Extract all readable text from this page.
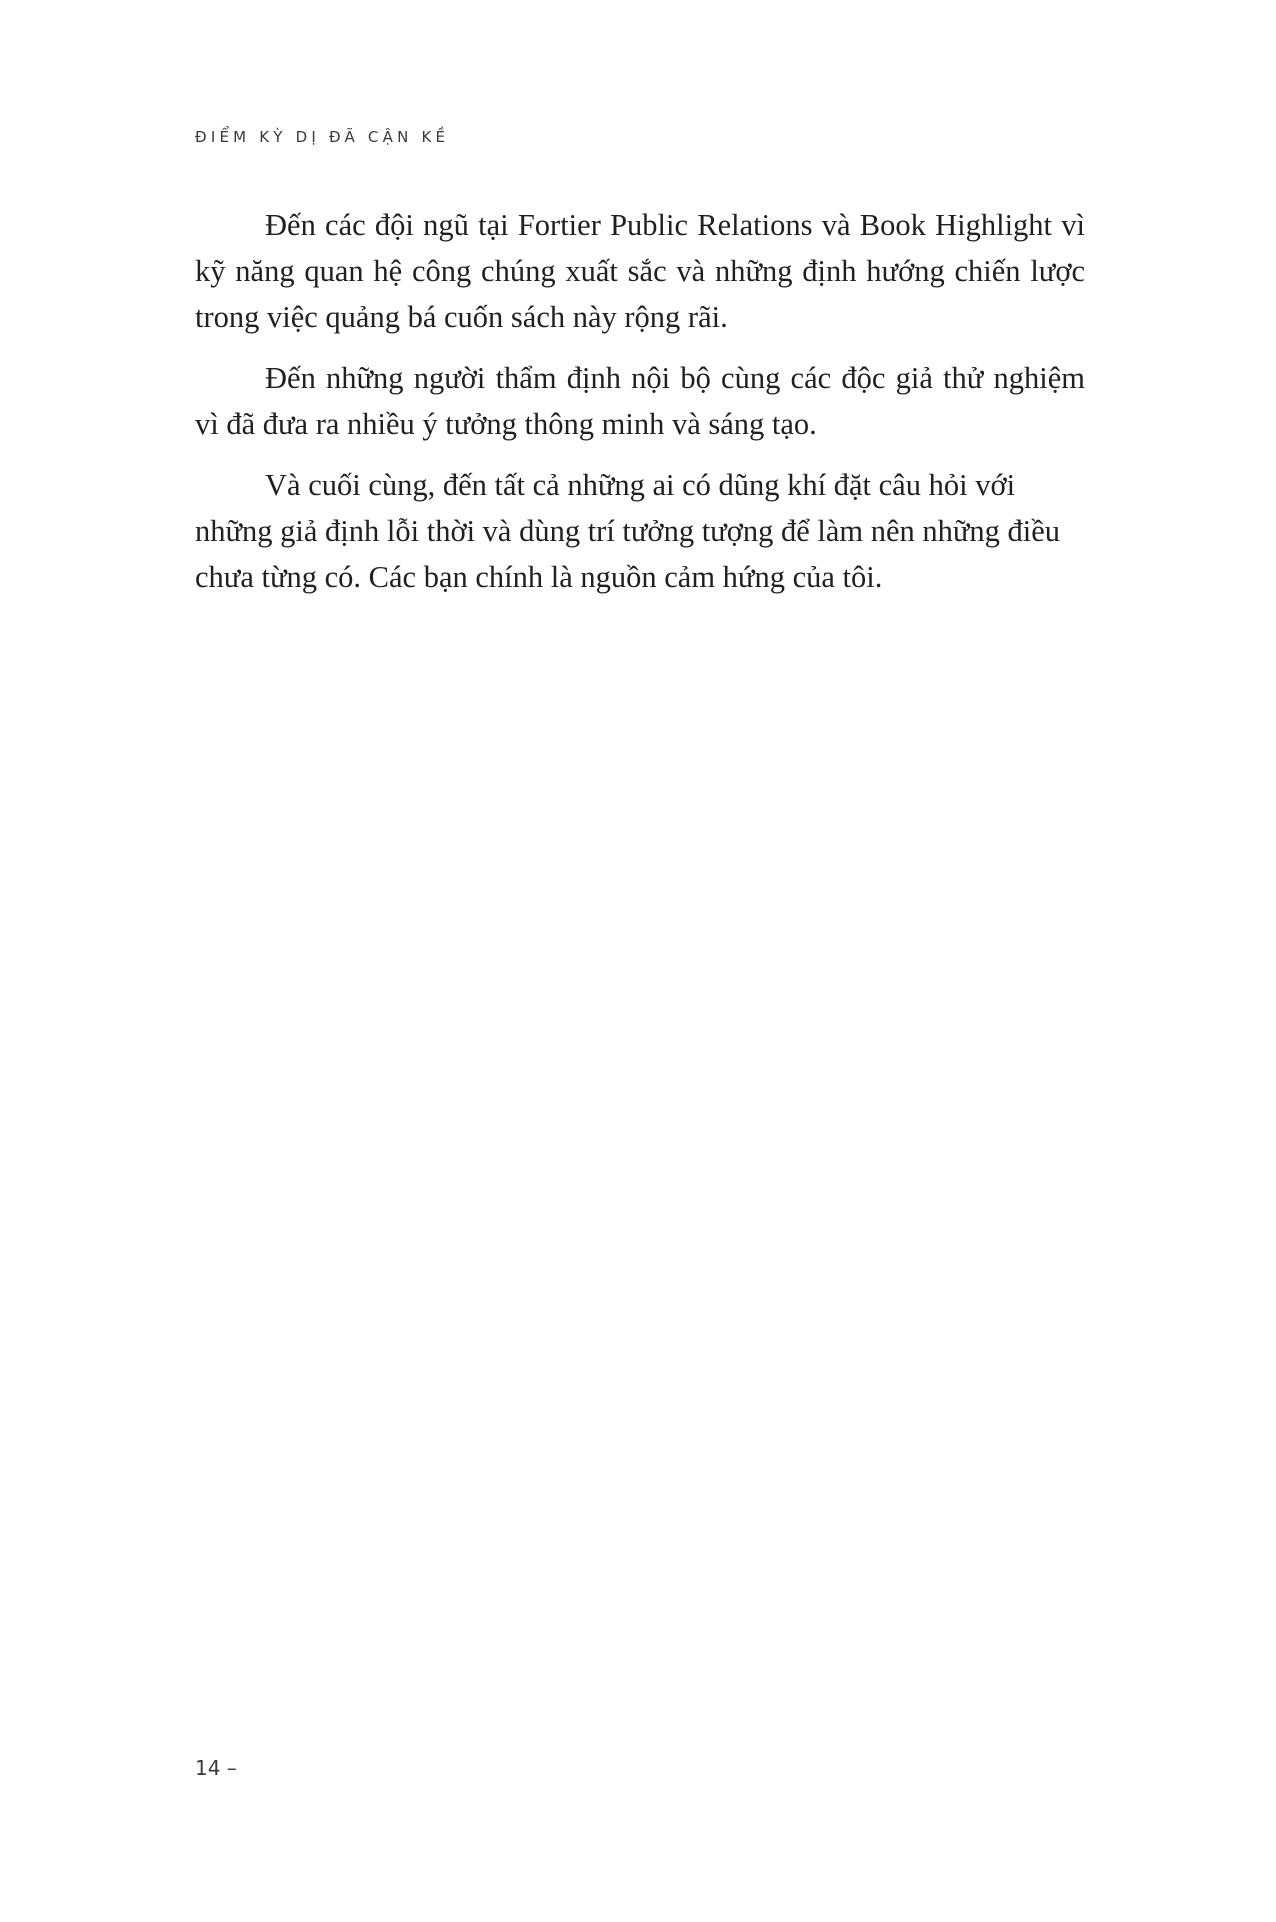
ĐIỂM KỲ DỊ ĐÃ CẬN KỀ

Đến các đội ngũ tại Fortier Public Relations và Book Highlight vì kỹ năng quan hệ công chúng xuất sắc và những định hướng chiến lược trong việc quảng bá cuốn sách này rộng rãi.

Đến những người thẩm định nội bộ cùng các độc giả thử nghiệm vì đã đưa ra nhiều ý tưởng thông minh và sáng tạo.

Và cuối cùng, đến tất cả những ai có dũng khí đặt câu hỏi với những giả định lỗi thời và dùng trí tưởng tượng để làm nên những điều chưa từng có. Các bạn chính là nguồn cảm hứng của tôi.

14 –
